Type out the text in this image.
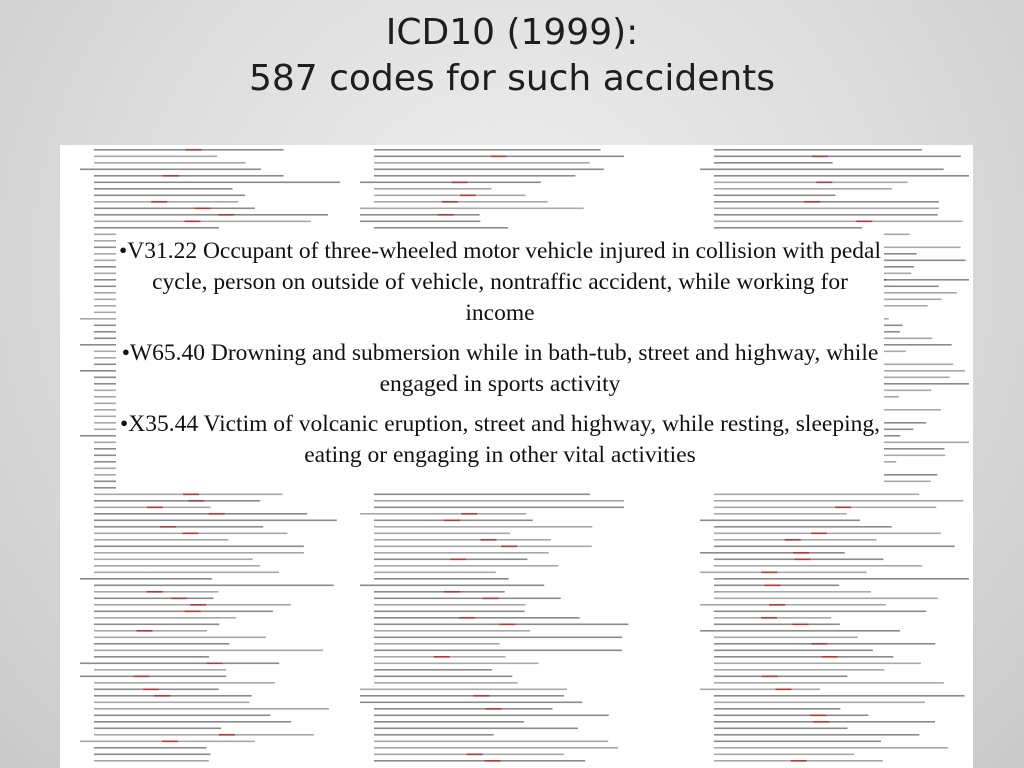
ICD10 (1999):
587 codes for such accidents

•V31.22 Occupant of three-wheeled motor vehicle injured in collision with pedal cycle, person on outside of vehicle, nontraffic accident, while working for income

•W65.40 Drowning and submersion while in bath-tub, street and highway, while engaged in sports activity

•X35.44 Victim of volcanic eruption, street and highway, while resting, sleeping, eating or engaging in other vital activities
